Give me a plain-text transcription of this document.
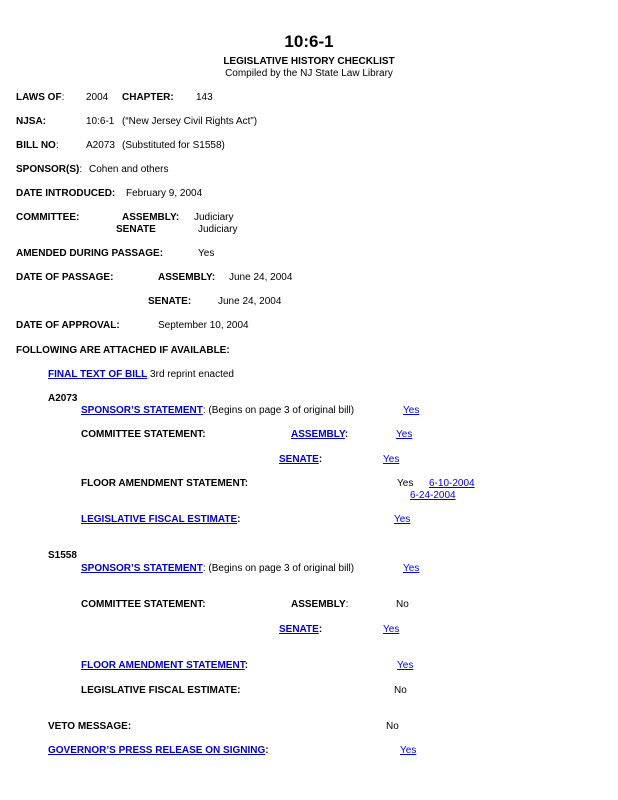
10:6-1
LEGISLATIVE HISTORY CHECKLIST
Compiled by the NJ State Law Library
LAWS OF: 2004 CHAPTER: 143
NJSA:	10:6-1 (“New Jersey Civil Rights Act”)
BILL NO:	A2073 (Substituted for S1558)
SPONSOR(S): Cohen and others
DATE INTRODUCED: February 9, 2004
COMMITTEE:	ASSEMBLY: Judiciary
SENATE	Judiciary
AMENDED DURING PASSAGE:	Yes
DATE OF PASSAGE:	ASSEMBLY: June 24, 2004
SENATE:	June 24, 2004
DATE OF APPROVAL:	September 10, 2004
FOLLOWING ARE ATTACHED IF AVAILABLE:
FINAL TEXT OF BILL 3rd reprint enacted
A2073
SPONSOR’S STATEMENT: (Begins on page 3 of original bill)	Yes
COMMITTEE STATEMENT:	ASSEMBLY:	Yes
SENATE:	Yes
FLOOR AMENDMENT STATEMENT:	Yes 6-10-2004
6-24-2004
LEGISLATIVE FISCAL ESTIMATE:	Yes
S1558
SPONSOR’S STATEMENT: (Begins on page 3 of original bill)	Yes
COMMITTEE STATEMENT:	ASSEMBLY:	No
SENATE:	Yes
FLOOR AMENDMENT STATEMENT:	Yes
LEGISLATIVE FISCAL ESTIMATE:	No
VETO MESSAGE:	No
GOVERNOR’S PRESS RELEASE ON SIGNING:	Yes
